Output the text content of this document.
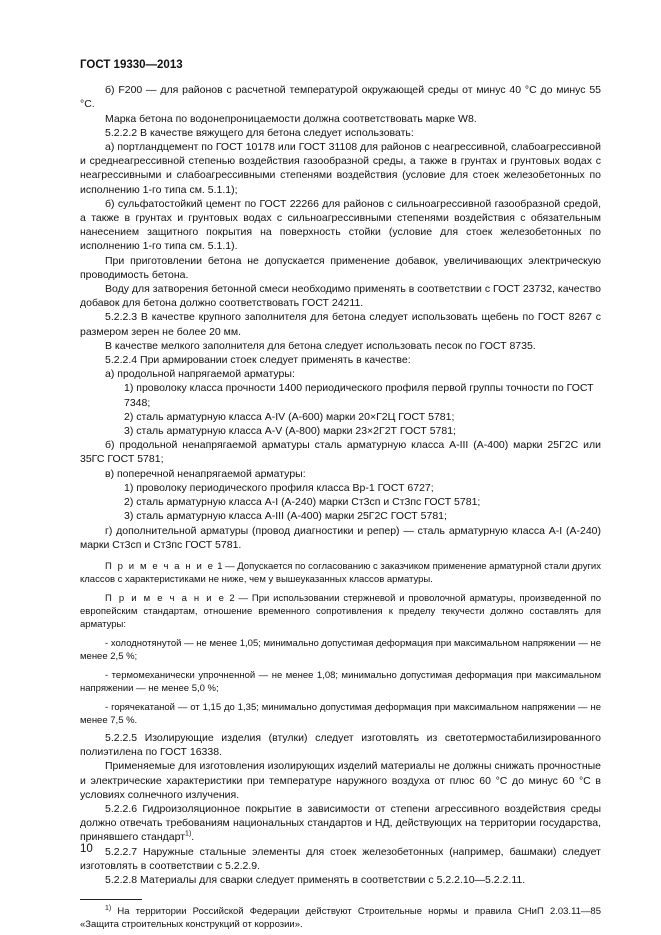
ГОСТ 19330—2013

б) F200 — для районов с расчетной температурой окружающей среды от минус 40 °С до минус 55 °С.

Марка бетона по водонепроницаемости должна соответствовать марке W8.

5.2.2.2 В качестве вяжущего для бетона следует использовать:

а) портландцемент по ГОСТ 10178 или ГОСТ 31108 для районов с неагрессивной, слабоагрессивной и среднеагрессивной степенью воздействия газообразной среды, а также в грунтах и грунтовых водах с неагрессивными и слабоагрессивными степенями воздействия (условие для стоек железобетонных по исполнению 1-го типа см. 5.1.1);

б) сульфатостойкий цемент по ГОСТ 22266 для районов с сильноагрессивной газообразной средой, а также в грунтах и грунтовых водах с сильноагрессивными степенями воздействия с обязательным нанесением защитного покрытия на поверхность стойки (условие для стоек железобетонных по исполнению 1-го типа см. 5.1.1).

При приготовлении бетона не допускается применение добавок, увеличивающих электрическую проводимость бетона.

Воду для затворения бетонной смеси необходимо применять в соответствии с ГОСТ 23732, качество добавок для бетона должно соответствовать ГОСТ 24211.

5.2.2.3 В качестве крупного заполнителя для бетона следует использовать щебень по ГОСТ 8267 с размером зерен не более 20 мм.

В качестве мелкого заполнителя для бетона следует использовать песок по ГОСТ 8735.

5.2.2.4 При армировании стоек следует применять в качестве:

а) продольной напрягаемой арматуры:

1) проволоку класса прочности 1400 периодического профиля первой группы точности по ГОСТ 7348;

2) сталь арматурную класса А-IV (А-600) марки 20×Г2Ц ГОСТ 5781;

3) сталь арматурную класса А-V (А-800) марки 23×2Г2Т ГОСТ 5781;

б) продольной ненапрягаемой арматуры сталь арматурную класса А-III (А-400) марки 25Г2С или 35ГС ГОСТ 5781;

в) поперечной ненапрягаемой арматуры:

1) проволоку периодического профиля класса Вр-1 ГОСТ 6727;

2) сталь арматурную класса А-I (А-240) марки Ст3сп и Ст3пс ГОСТ 5781;

3) сталь арматурную класса А-III (А-400) марки 25Г2С ГОСТ 5781;

г) дополнительной арматуры (провод диагностики и репер) — сталь арматурную класса А-I (А-240) марки Ст3сп и Ст3пс ГОСТ 5781.

П р и м е ч а н и е 1 — Допускается по согласованию с заказчиком применение арматурной стали других классов с характеристиками не ниже, чем у вышеуказанных классов арматуры.

П р и м е ч а н и е 2 — При использовании стержневой и проволочной арматуры, произведенной по европейским стандартам, отношение временного сопротивления к пределу текучести должно составлять для арматуры:

- холоднотянутой — не менее 1,05; минимально допустимая деформация при максимальном напряжении — не менее 2,5 %;

- термомеханически упрочненной — не менее 1,08; минимально допустимая деформация при максимальном напряжении — не менее 5,0 %;

- горячекатаной — от 1,15 до 1,35; минимально допустимая деформация при максимальном напряжении — не менее 7,5 %.

5.2.2.5 Изолирующие изделия (втулки) следует изготовлять из светотермостабилизированного полиэтилена по ГОСТ 16338.

Применяемые для изготовления изолирующих изделий материалы не должны снижать прочностные и электрические характеристики при температуре наружного воздуха от плюс 60 °С до минус 60 °С в условиях солнечного излучения.

5.2.2.6 Гидроизоляционное покрытие в зависимости от степени агрессивного воздействия среды должно отвечать требованиям национальных стандартов и НД, действующих на территории государства, принявшего стандарт$^{1)}$.

5.2.2.7 Наружные стальные элементы для стоек железобетонных (например, башмаки) следует изготовлять в соответствии с 5.2.2.9.

5.2.2.8 Материалы для сварки следует применять в соответствии с 5.2.2.10—5.2.2.11.

$^{1)}$ На территории Российской Федерации действуют Строительные нормы и правила СНиП 2.03.11—85 «Защита строительных конструкций от коррозии».

10
